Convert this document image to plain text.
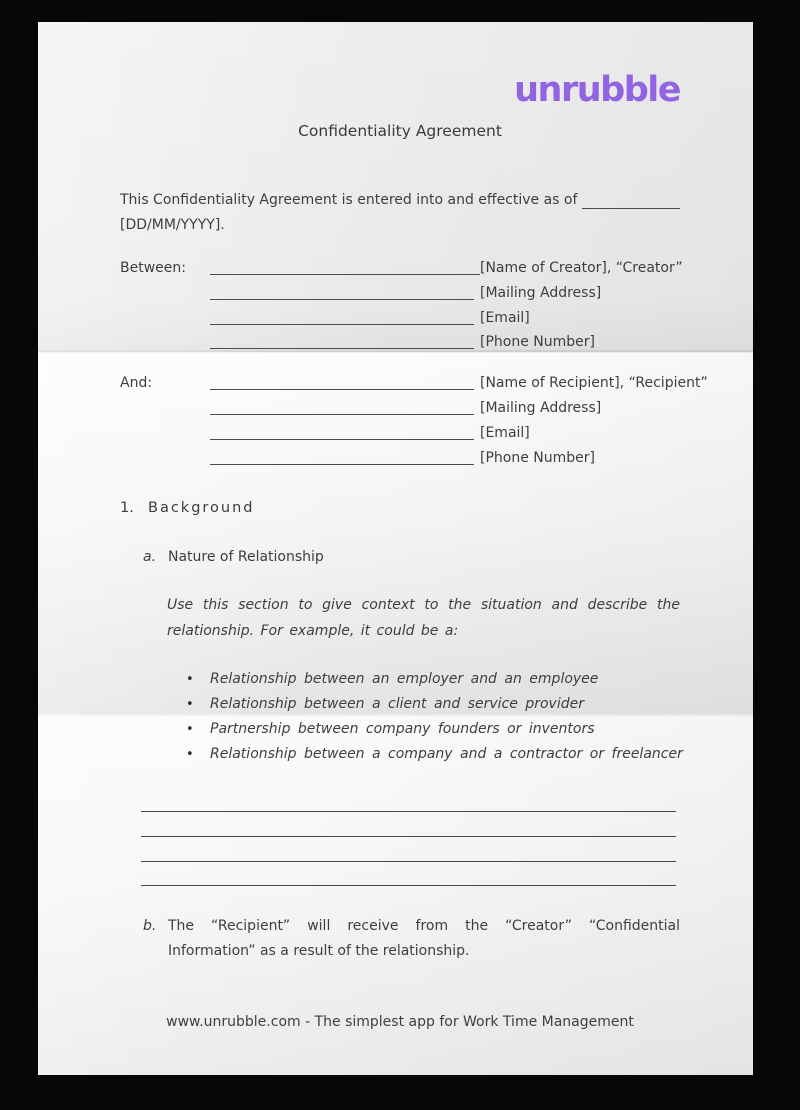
unrubble
Confidentiality Agreement
This Confidentiality Agreement is entered into and effective as of
[DD/MM/YYYY].
Between:	[Name of Creator], “Creator”
[Mailing Address]
[Email]
[Phone Number]
And:	[Name of Recipient], “Recipient”
[Mailing Address]
[Email]
[Phone Number]
1. Background
a. Nature of Relationship

Use this section to give context to the situation and describe the relationship. For example, it could be a:

• Relationship between an employer and an employee
• Relationship between a client and service provider
• Partnership between company founders or inventors
• Relationship between a company and a contractor or freelancer
b. The “Recipient” will receive from the “Creator” “Confidential Information” as a result of the relationship.
www.unrubble.com - The simplest app for Work Time Management
